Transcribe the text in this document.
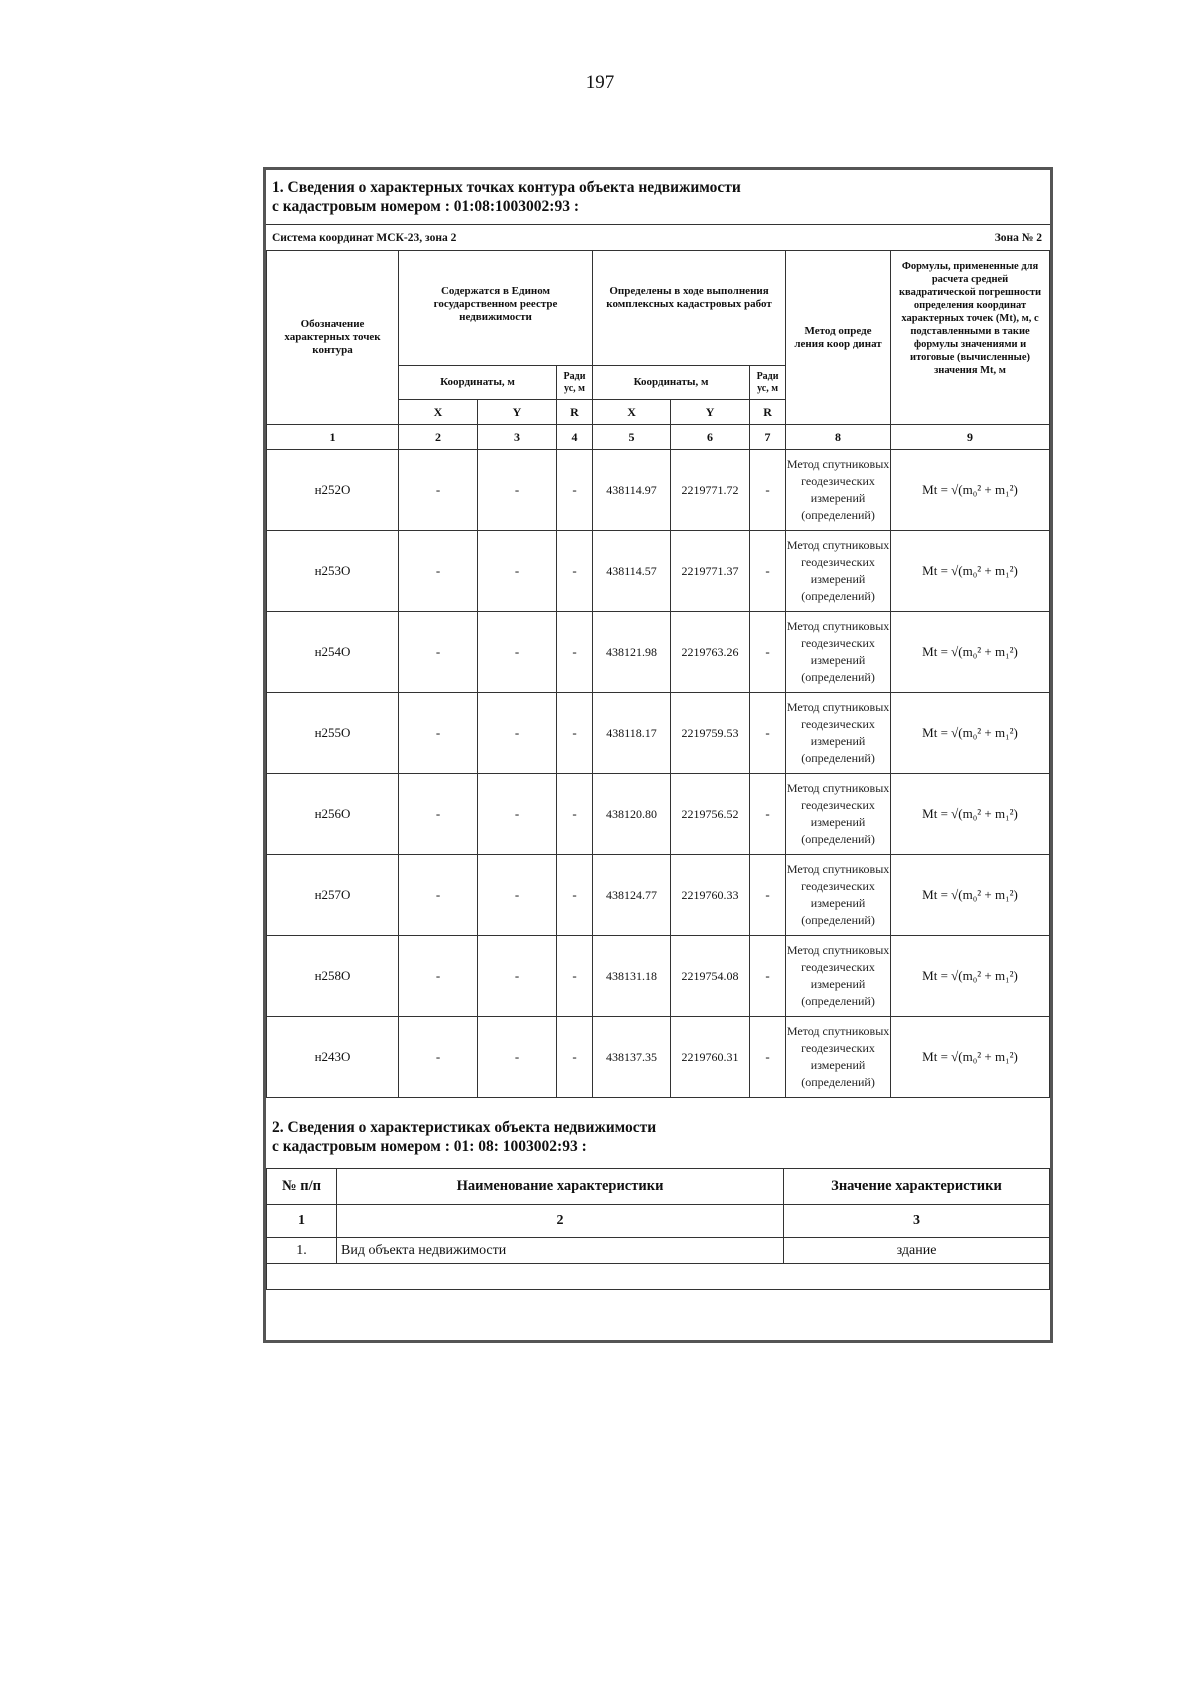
197
1. Сведения о характерных точках контура объекта недвижимости
с кадастровым номером : 01:08:1003002:93 :
Система координат МСК-23, зона 2	Зона № 2
Обозначение характерных точек контура	Содержатся в Едином государственном реестре недвижимости			Определены в ходе выполнения комплексных кадастровых работ			Метод опреде ления коор динат	Формулы, примененные для расчета средней квадратической погрешности определения координат характерных точек (Mt), м, с подставленными в такие формулы значениями и итоговые (вычисленные) значения Mt, м
	Координаты, м		Ради ус, м	Координаты, м		Ради ус, м		
	X	Y	R	X	Y	R		
1	2	3	4	5	6	7	8	9
н252О	-	-	-	438114.97	2219771.72	-	Метод спутниковых геодезических измерений (определений)	Mt = √(m₀² + m₁²)
н253О	-	-	-	438114.57	2219771.37	-	Метод спутниковых геодезических измерений (определений)	Mt = √(m₀² + m₁²)
н254О	-	-	-	438121.98	2219763.26	-	Метод спутниковых геодезических измерений (определений)	Mt = √(m₀² + m₁²)
н255О	-	-	-	438118.17	2219759.53	-	Метод спутниковых геодезических измерений (определений)	Mt = √(m₀² + m₁²)
н256О	-	-	-	438120.80	2219756.52	-	Метод спутниковых геодезических измерений (определений)	Mt = √(m₀² + m₁²)
н257О	-	-	-	438124.77	2219760.33	-	Метод спутниковых геодезических измерений (определений)	Mt = √(m₀² + m₁²)
н258О	-	-	-	438131.18	2219754.08	-	Метод спутниковых геодезических измерений (определений)	Mt = √(m₀² + m₁²)
н243О	-	-	-	438137.35	2219760.31	-	Метод спутниковых геодезических измерений (определений)	Mt = √(m₀² + m₁²)
2. Сведения о характеристиках объекта недвижимости
с кадастровым номером : 01: 08: 1003002:93 :
№ п/п	Наименование характеристики	Значение характеристики
1	2	3
1.	Вид объекта недвижимости	здание
